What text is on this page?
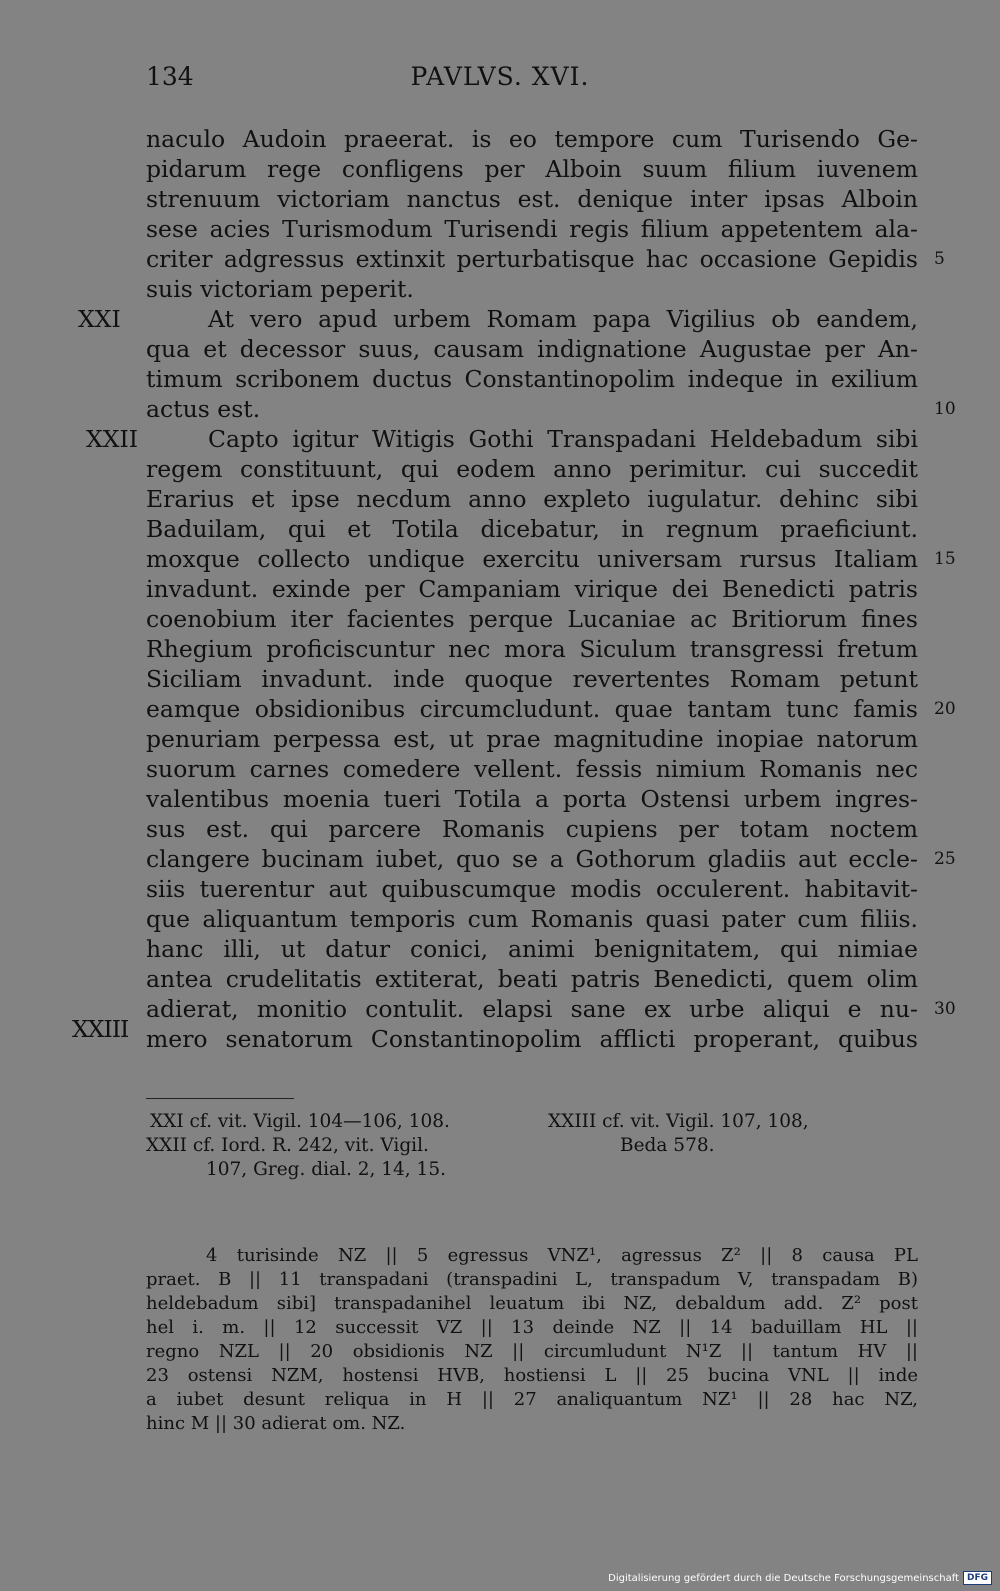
134	PAVLVS. XVI.
naculo Audoin praeerat. is eo tempore cum Turisendo Ge-
pidarum rege confligens per Alboin suum filium iuvenem
strenuum victoriam nanctus est. denique inter ipsas Alboin
sese acies Turismodum Turisendi regis filium appetentem ala-
criter adgressus extinxit perturbatisque hac occasione Gepidis
suis victoriam peperit.
At vero apud urbem Romam papa Vigilius ob eandem,
qua et decessor suus, causam indignatione Augustae per An-
timum scribonem ductus Constantinopolim indeque in exilium
actus est.
Capto igitur Witigis Gothi Transpadani Heldebadum sibi
regem constituunt, qui eodem anno perimitur. cui succedit
Erarius et ipse necdum anno expleto iugulatur. dehinc sibi
Baduilam, qui et Totila dicebatur, in regnum praeficiunt.
moxque collecto undique exercitu universam rursus Italiam
invadunt. exinde per Campaniam virique dei Benedicti patris
coenobium iter facientes perque Lucaniae ac Britiorum fines
Rhegium proficiscuntur nec mora Siculum transgressi fretum
Siciliam invadunt. inde quoque revertentes Romam petunt
eamque obsidionibus circumcludunt. quae tantam tunc famis
penuriam perpessa est, ut prae magnitudine inopiae natorum
suorum carnes comedere vellent. fessis nimium Romanis nec
valentibus moenia tueri Totila a porta Ostensi urbem ingres-
sus est. qui parcere Romanis cupiens per totam noctem
clangere bucinam iubet, quo se a Gothorum gladiis aut eccle-
siis tuerentur aut quibuscumque modis occulerent. habitavit-
que aliquantum temporis cum Romanis quasi pater cum filiis.
hanc illi, ut datur conici, animi benignitatem, qui nimiae
antea crudelitatis extiterat, beati patris Benedicti, quem olim
adierat, monitio contulit. elapsi sane ex urbe aliqui e nu-
mero senatorum Constantinopolim afflicti properant, quibus
XXI
XXII
XXIII
5
10
15
20
25
30
XXI cf. vit. Vigil. 104—106, 108.
XXII cf. Iord. R. 242, vit. Vigil.
107, Greg. dial. 2, 14, 15.
XXIII cf. vit. Vigil. 107, 108,
Beda 578.
4 turisinde NZ || 5 egressus VNZ¹, agressus Z² || 8 causa PL
praet. B || 11 transpadani (transpadini L, transpadum V, transpadam B)
heldebadum sibi] transpadanihel leuatum ibi NZ, debaldum add. Z² post
hel i. m. || 12 successit VZ || 13 deinde NZ || 14 baduillam HL ||
regno NZL || 20 obsidionis NZ || circumludunt N¹Z || tantum HV ||
23 ostensi NZM, hostensi HVB, hostiensi L || 25 bucina VNL || inde
a iubet desunt reliqua in H || 27 analiquantum NZ¹ || 28 hac NZ,
hinc M || 30 adierat om. NZ.
Digitalisierung gefördert durch die Deutsche Forschungsgemeinschaft DFG
